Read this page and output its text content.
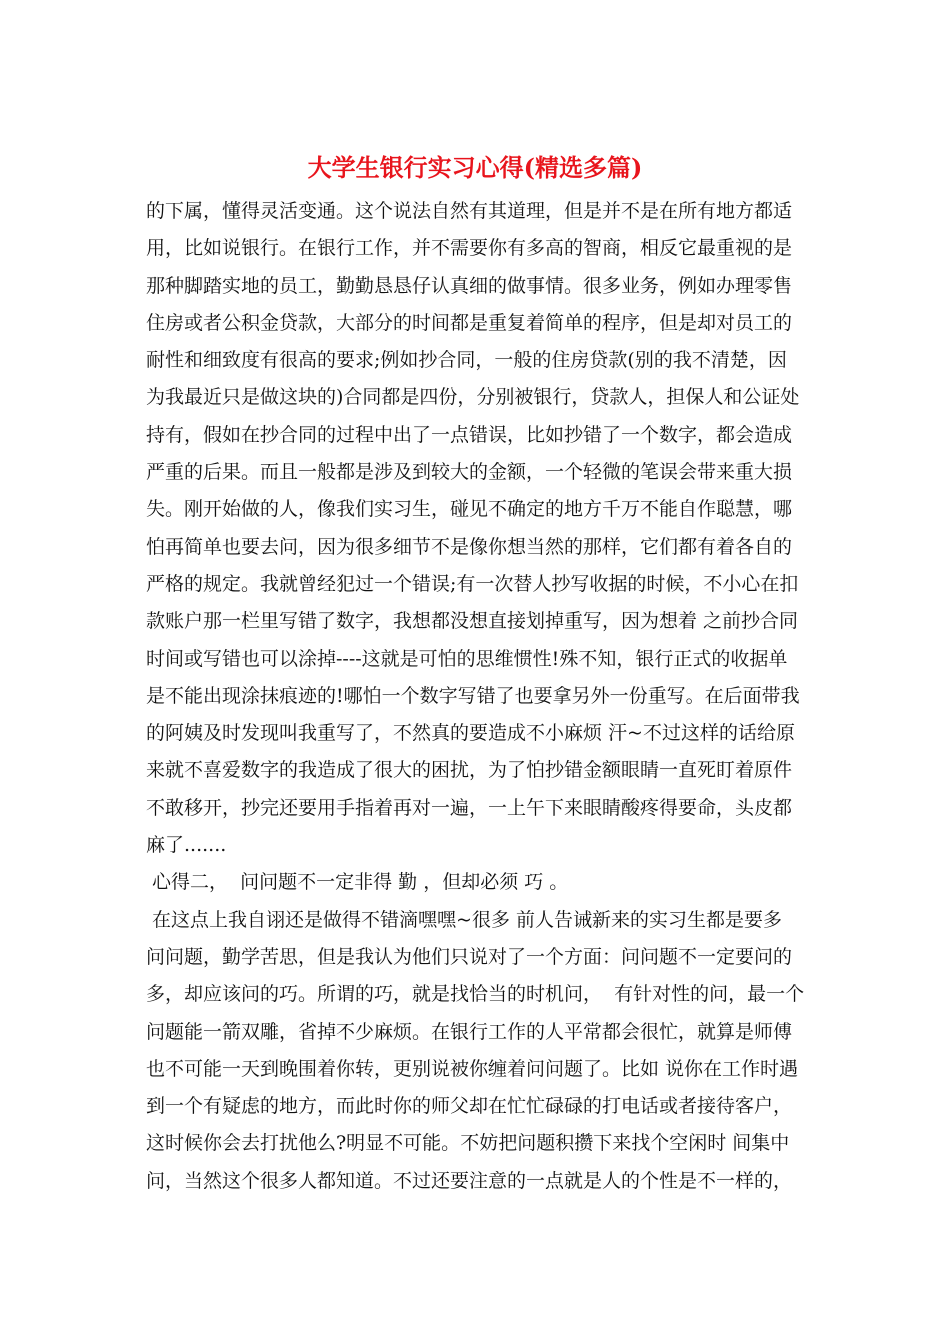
大学生银行实习心得(精选多篇)
的下属，懂得灵活变通。这个说法自然有其道理，但是并不是在所有地方都适
用，比如说银行。在银行工作，并不需要你有多高的智商，相反它最重视的是
那种脚踏实地的员工，勤勤恳恳仔认真细的做事情。很多业务，例如办理零售
住房或者公积金贷款，大部分的时间都是重复着简单的程序，但是却对员工的
耐性和细致度有很高的要求;例如抄合同，一般的住房贷款(别的我不清楚，因
为我最近只是做这块的)合同都是四份，分别被银行，贷款人，担保人和公证处
持有，假如在抄合同的过程中出了一点错误，比如抄错了一个数字，都会造成
严重的后果。而且一般都是涉及到较大的金额，一个轻微的笔误会带来重大损
失。刚开始做的人，像我们实习生，碰见不确定的地方千万不能自作聪慧，哪
怕再简单也要去问，因为很多细节不是像你想当然的那样，它们都有着各自的
严格的规定。我就曾经犯过一个错误;有一次替人抄写收据的时候，不小心在扣
款账户那一栏里写错了数字，我想都没想直接划掉重写，因为想着 之前抄合同
时间或写错也可以涂掉----这就是可怕的思维惯性!殊不知，银行正式的收据单
是不能出现涂抹痕迹的!哪怕一个数字写错了也要拿另外一份重写。在后面带我
的阿姨及时发现叫我重写了，不然真的要造成不小麻烦 汗~不过这样的话给原
来就不喜爱数字的我造成了很大的困扰，为了怕抄错金额眼睛一直死盯着原件
不敢移开，抄完还要用手指着再对一遍，一上午下来眼睛酸疼得要命，头皮都
麻了.......
心得二，  问问题不一定非得 勤 ，但却必须 巧 。
在这点上我自诩还是做得不错滴嘿嘿~很多 前人告诫新来的实习生都是要多
问问题，勤学苦思，但是我认为他们只说对了一个方面：问问题不一定要问的
多，却应该问的巧。所谓的巧，就是找恰当的时机问，  有针对性的问，最一个
问题能一箭双雕，省掉不少麻烦。在银行工作的人平常都会很忙，就算是师傅
也不可能一天到晚围着你转，更别说被你缠着问问题了。比如 说你在工作时遇
到一个有疑虑的地方，而此时你的师父却在忙忙碌碌的打电话或者接待客户，
这时候你会去打扰他么?明显不可能。不妨把问题积攒下来找个空闲时 间集中
问，当然这个很多人都知道。不过还要注意的一点就是人的个性是不一样的，
